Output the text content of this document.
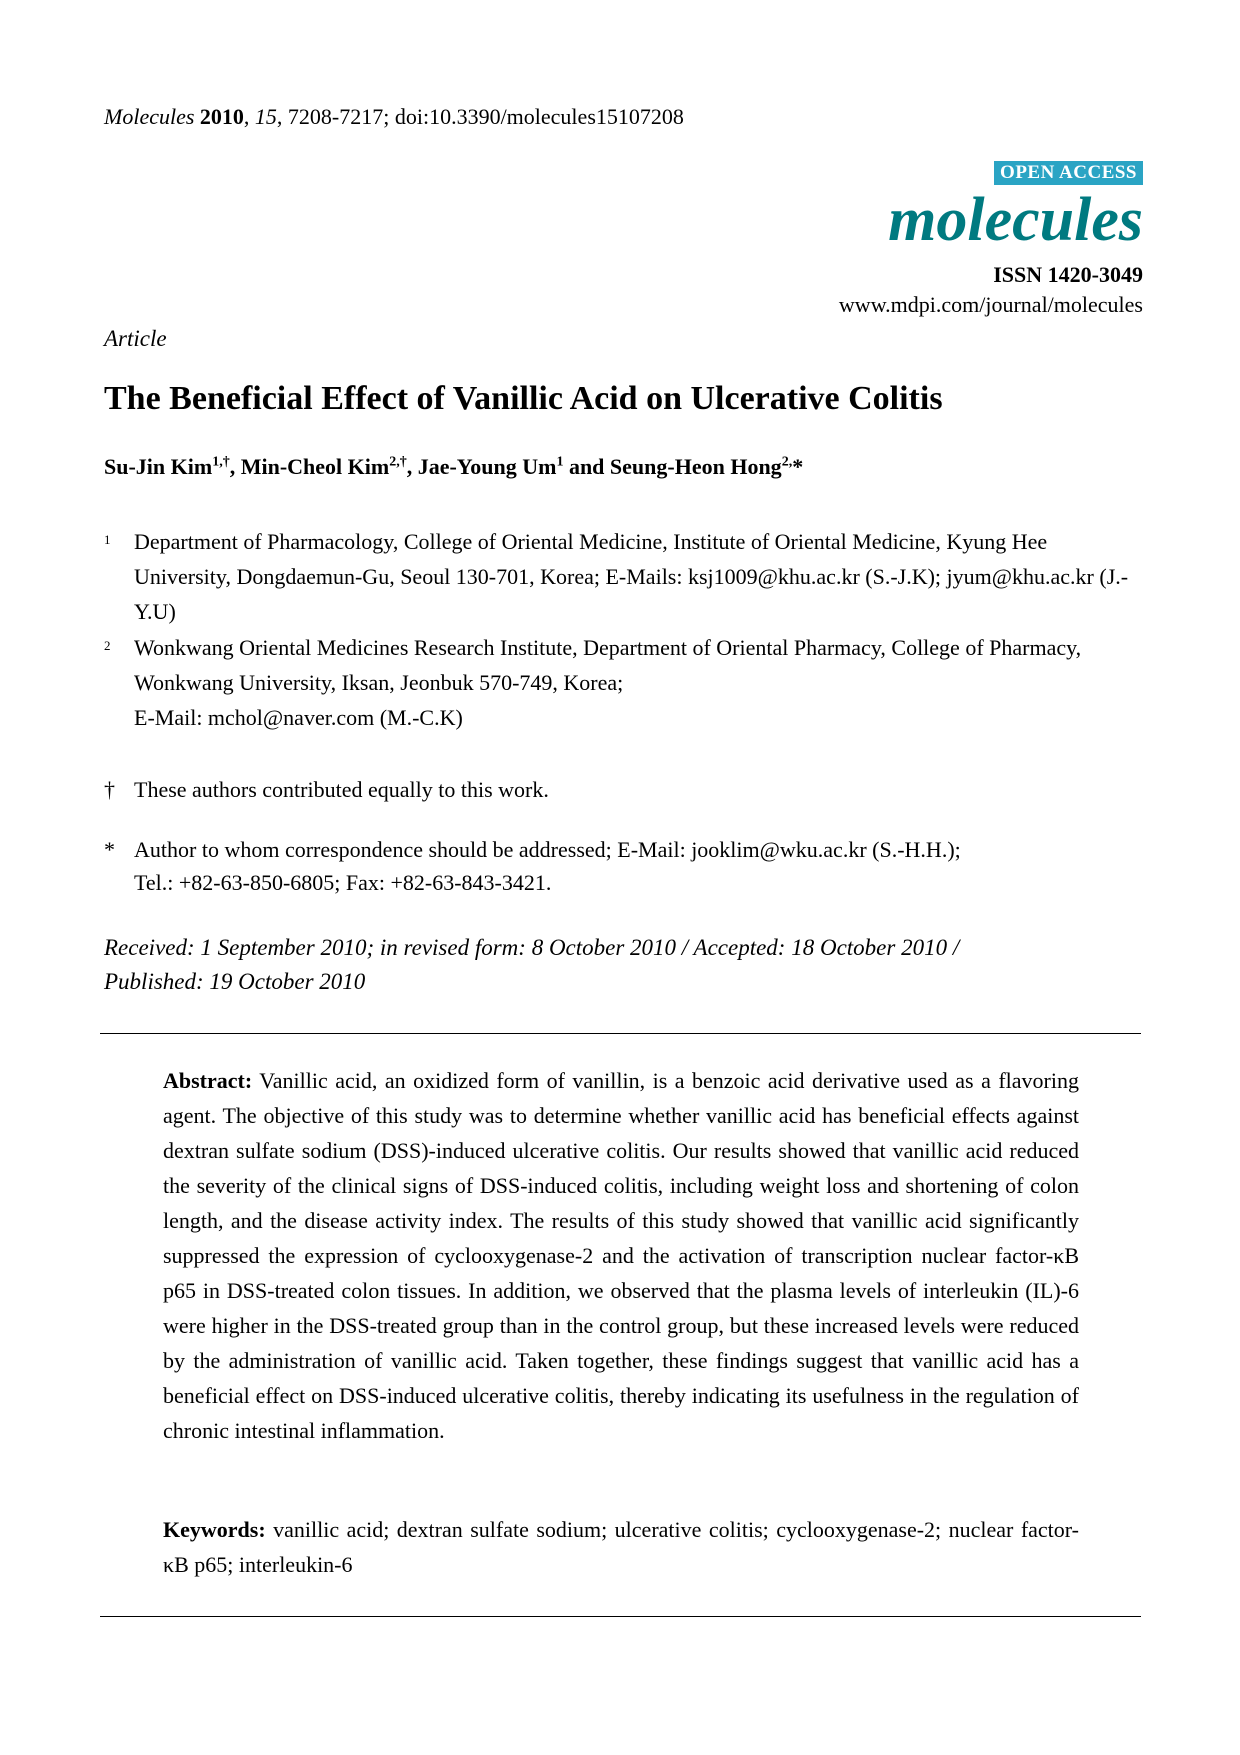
Molecules 2010, 15, 7208-7217; doi:10.3390/molecules15107208
OPEN ACCESS
molecules
ISSN 1420-3049
www.mdpi.com/journal/molecules
Article
The Beneficial Effect of Vanillic Acid on Ulcerative Colitis
Su-Jin Kim$^{1,\dagger}$, Min-Cheol Kim$^{2,\dagger}$, Jae-Young Um$^1$ and Seung-Heon Hong$^{2,}$*
1	Department of Pharmacology, College of Oriental Medicine, Institute of Oriental Medicine, Kyung Hee University, Dongdaemun-Gu, Seoul 130-701, Korea; E-Mails: ksj1009@khu.ac.kr (S.-J.K); jyum@khu.ac.kr (J.-Y.U)
2	Wonkwang Oriental Medicines Research Institute, Department of Oriental Pharmacy, College of Pharmacy, Wonkwang University, Iksan, Jeonbuk 570-749, Korea;
E-Mail: mchol@naver.com (M.-C.K)
† These authors contributed equally to this work.
* Author to whom correspondence should be addressed; E-Mail: jooklim@wku.ac.kr (S.-H.H.);
Tel.: +82-63-850-6805; Fax: +82-63-843-3421.
Received: 1 September 2010; in revised form: 8 October 2010 / Accepted: 18 October 2010 /
Published: 19 October 2010

Abstract: Vanillic acid, an oxidized form of vanillin, is a benzoic acid derivative used as a flavoring agent. The objective of this study was to determine whether vanillic acid has beneficial effects against dextran sulfate sodium (DSS)-induced ulcerative colitis. Our results showed that vanillic acid reduced the severity of the clinical signs of DSS-induced colitis, including weight loss and shortening of colon length, and the disease activity index. The results of this study showed that vanillic acid significantly suppressed the expression of cyclooxygenase-2 and the activation of transcription nuclear factor-κB p65 in DSS-treated colon tissues. In addition, we observed that the plasma levels of interleukin (IL)-6 were higher in the DSS-treated group than in the control group, but these increased levels were reduced by the administration of vanillic acid. Taken together, these findings suggest that vanillic acid has a beneficial effect on DSS-induced ulcerative colitis, thereby indicating its usefulness in the regulation of chronic intestinal inflammation.

Keywords: vanillic acid; dextran sulfate sodium; ulcerative colitis; cyclooxygenase-2; nuclear factor-κB p65; interleukin-6
